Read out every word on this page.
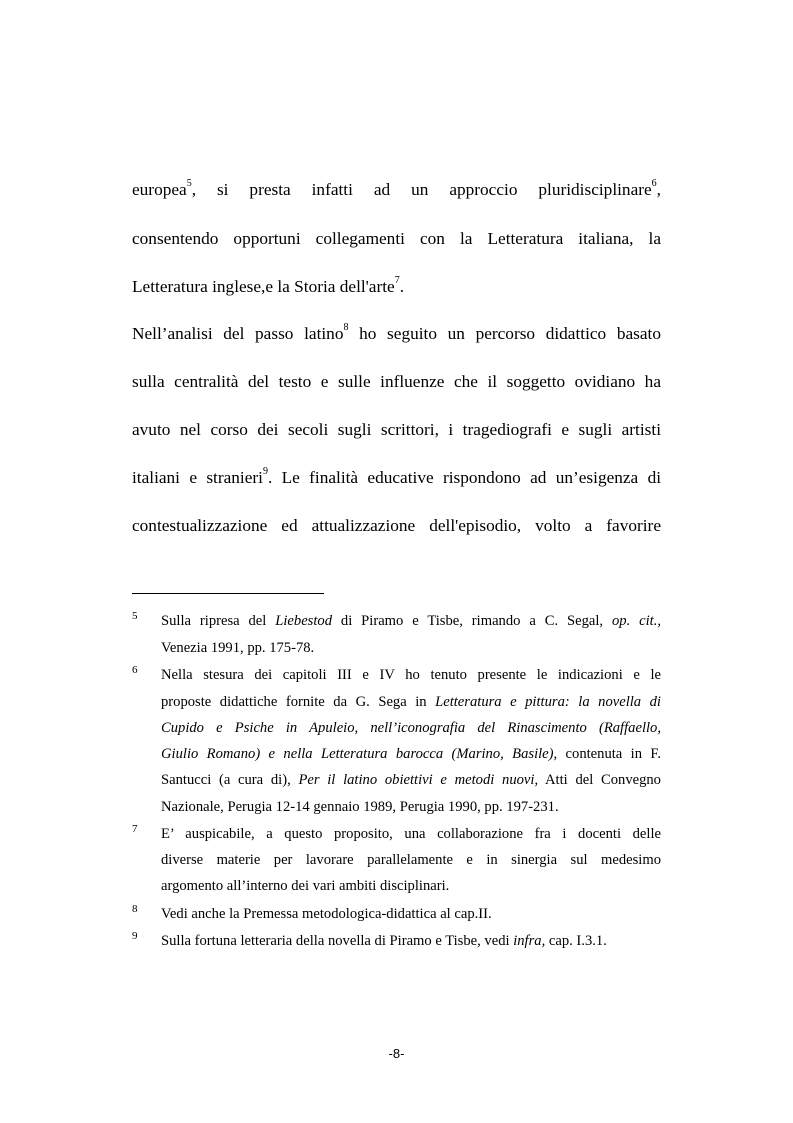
europea$^5$, si presta infatti ad un approccio pluridisciplinare$^6$,
consentendo opportuni collegamenti con la Letteratura italiana, la
Letteratura inglese,e la Storia dell'arte$^7$.
Nell’analisi del passo latino$^8$ ho seguito un percorso didattico basato
sulla centralità del testo e sulle influenze che il soggetto ovidiano ha
avuto nel corso dei secoli sugli scrittori, i tragediografi e sugli artisti
italiani e stranieri$^9$. Le finalità educative rispondono ad un’esigenza di
contestualizzazione ed attualizzazione dell'episodio, volto a favorire
5 Sulla ripresa del Liebestod di Piramo e Tisbe, rimando a C. Segal, op. cit.,
Venezia 1991, pp. 175-78.
6 Nella stesura dei capitoli III e IV ho tenuto presente le indicazioni e le
proposte didattiche fornite da G. Sega in Letteratura e pittura: la novella di
Cupido e Psiche in Apuleio, nell’iconografia del Rinascimento (Raffaello,
Giulio Romano) e nella Letteratura barocca (Marino, Basile), contenuta in F.
Santucci (a cura di), Per il latino obiettivi e metodi nuovi, Atti del Convegno
Nazionale, Perugia 12-14 gennaio 1989, Perugia 1990, pp. 197-231.
7 E’ auspicabile, a questo proposito, una collaborazione fra i docenti delle
diverse materie per lavorare parallelamente e in sinergia sul medesimo
argomento all’interno dei vari ambiti disciplinari.
8 Vedi anche la Premessa metodologica-didattica al cap.II.
9 Sulla fortuna letteraria della novella di Piramo e Tisbe, vedi infra, cap. I.3.1.
-8-
